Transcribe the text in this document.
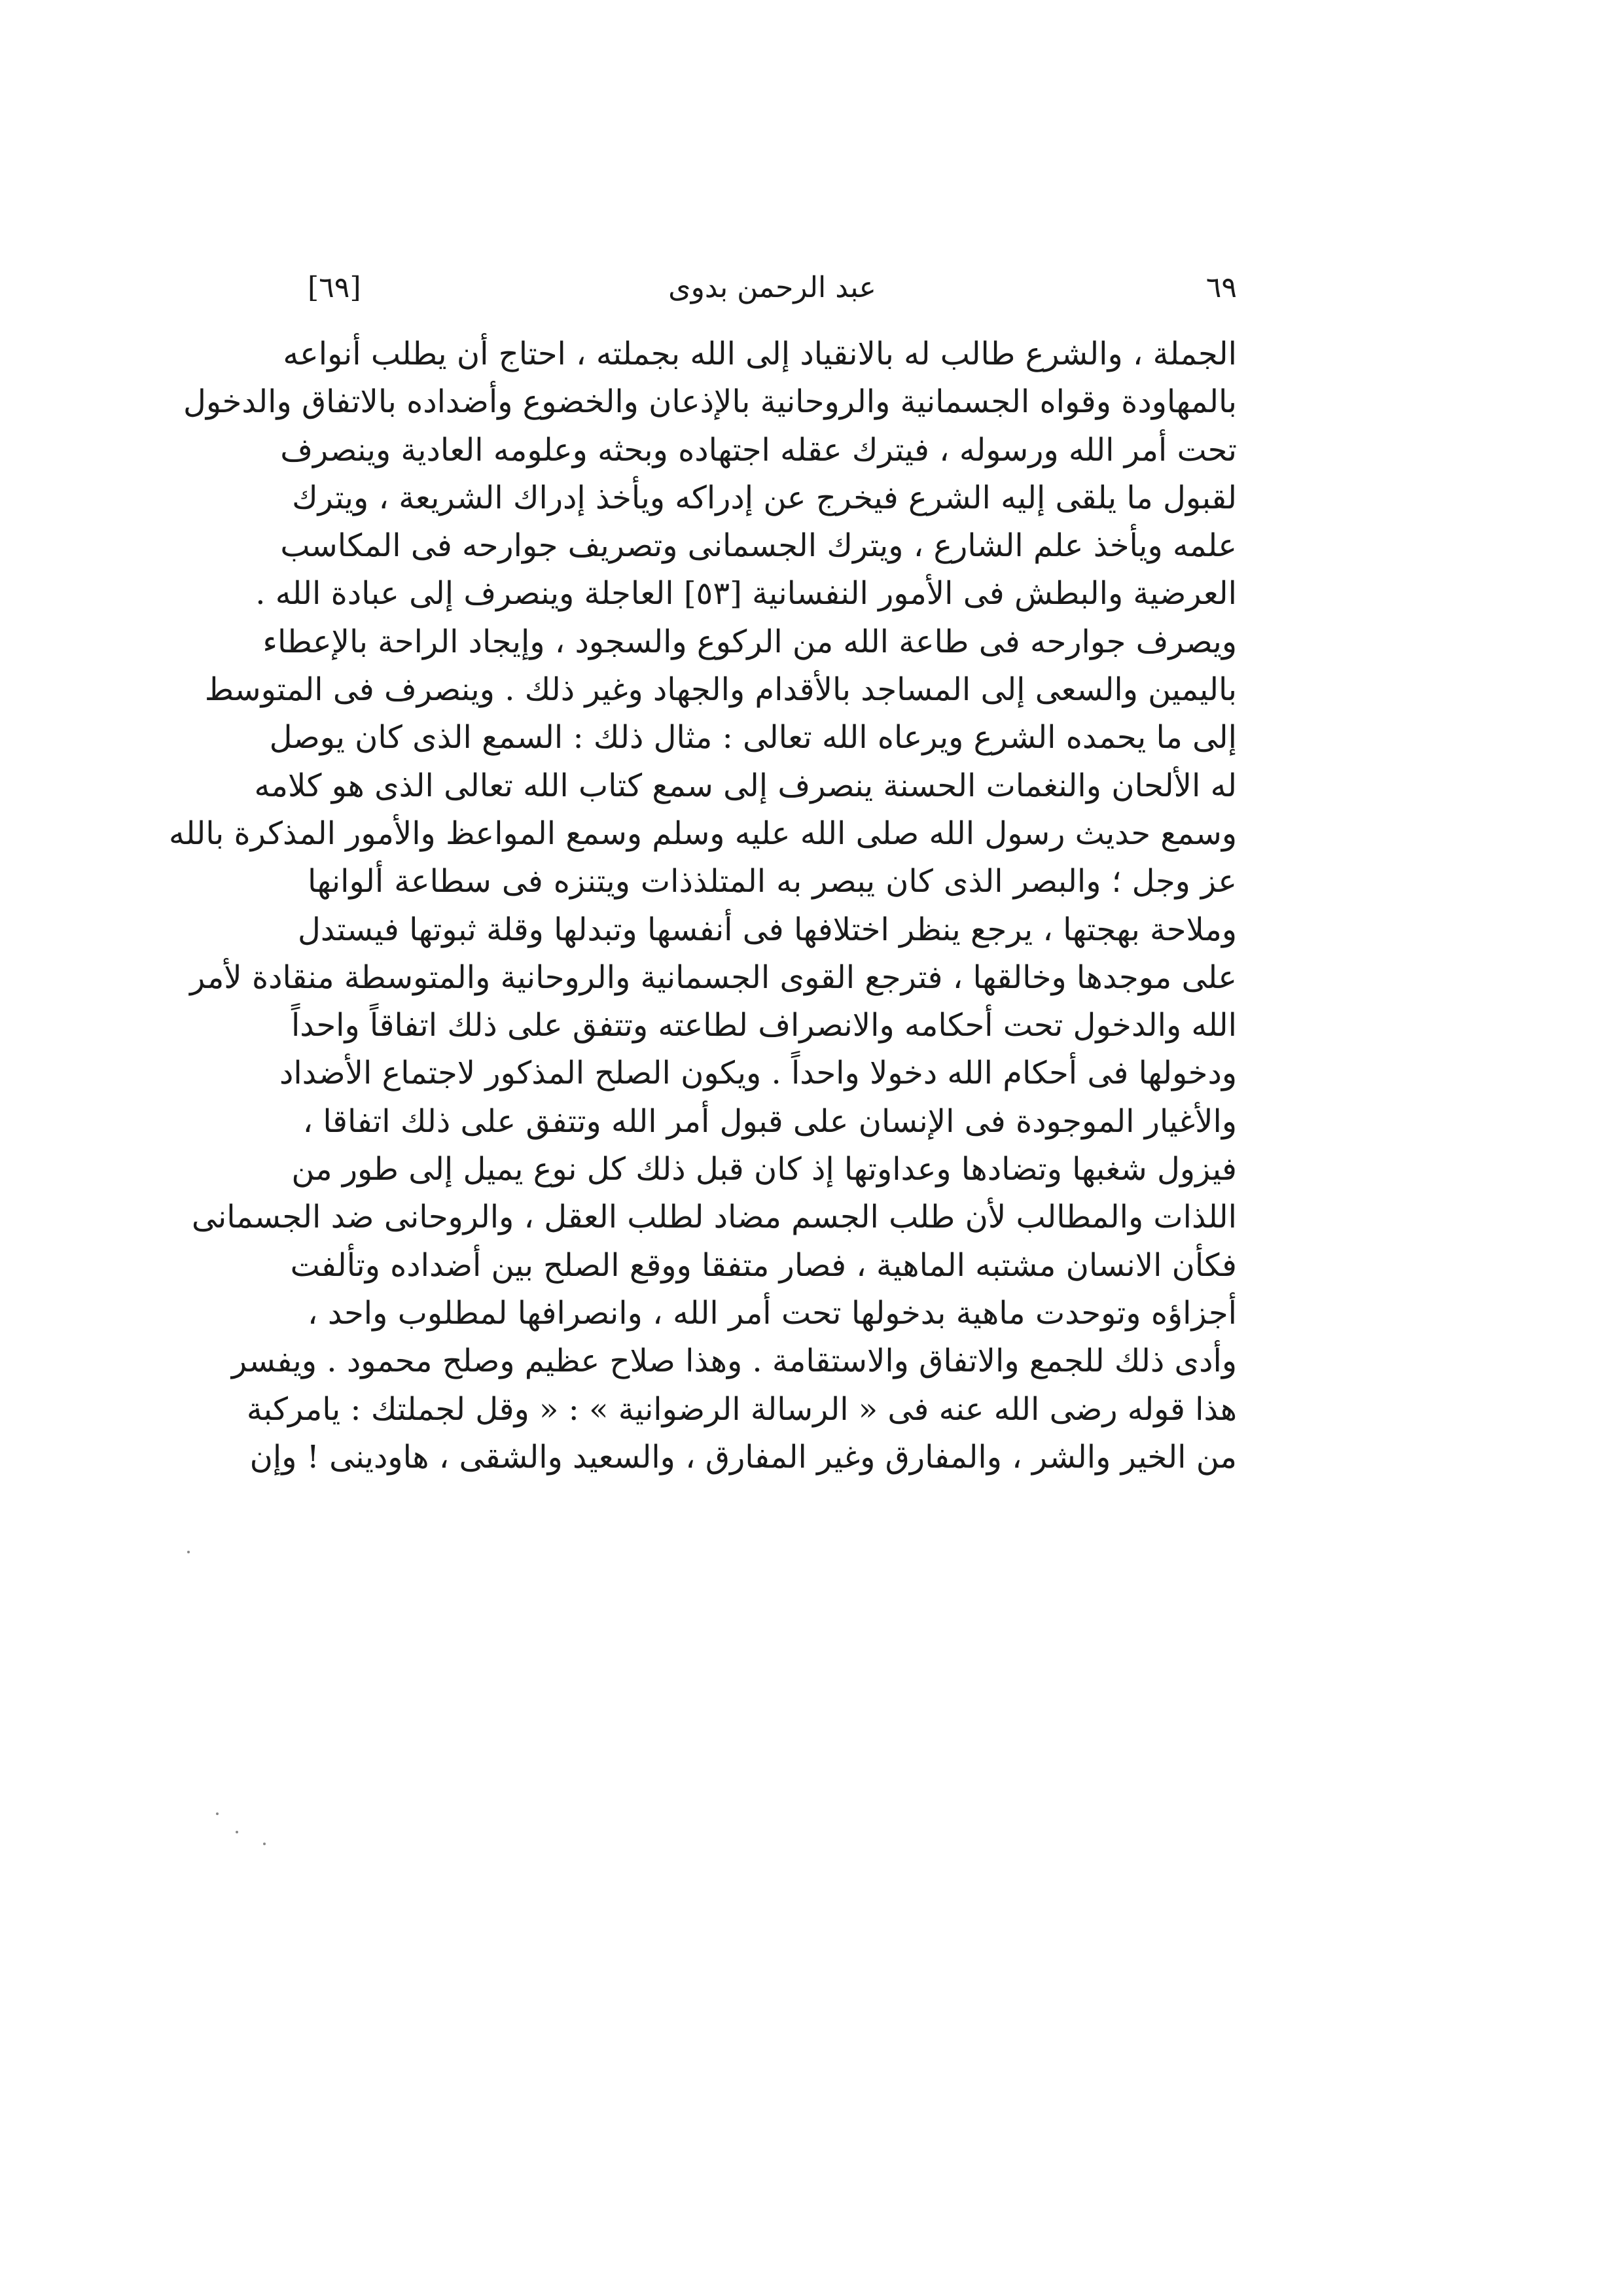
[٦٩]	عبد الرحمن بدوى	٦٩
الجملة ، والشرع طالب له بالانقياد إلى الله بجملته ، احتاج أن يطلب أنواعه
بالمهاودة وقواه الجسمانية والروحانية بالإذعان والخضوع وأضداده بالاتفاق والدخول
تحت أمر الله ورسوله ، فيترك عقله اجتهاده وبحثه وعلومه العادية وينصرف
لقبول ما يلقى إليه الشرع فيخرج عن إدراكه ويأخذ إدراك الشريعة ، ويترك
علمه ويأخذ علم الشارع ، ويترك الجسمانى وتصريف جوارحه فى المكاسب
العرضية والبطش فى الأمور النفسانية [٥٣] العاجلة وينصرف إلى عبادة الله .
ويصرف جوارحه فى طاعة الله من الركوع والسجود ، وإيجاد الراحة بالإعطاء
باليمين والسعى إلى المساجد بالأقدام والجهاد وغير ذلك . وينصرف فى المتوسط
إلى ما يحمده الشرع ويرعاه الله تعالى : مثال ذلك : السمع الذى كان يوصل
له الألحان والنغمات الحسنة ينصرف إلى سمع كتاب الله تعالى الذى هو كلامه
وسمع حديث رسول الله صلى الله عليه وسلم وسمع المواعظ والأمور المذكرة بالله
عز وجل ؛ والبصر الذى كان يبصر به المتلذذات ويتنزه فى سطاعة ألوانها
وملاحة بهجتها ، يرجع ينظر اختلافها فى أنفسها وتبدلها وقلة ثبوتها فيستدل
على موجدها وخالقها ، فترجع القوى الجسمانية والروحانية والمتوسطة منقادة لأمر
الله والدخول تحت أحكامه والانصراف لطاعته وتتفق على ذلك اتفاقاً واحداً
ودخولها فى أحكام الله دخولا واحداً . ويكون الصلح المذكور لاجتماع الأضداد
والأغيار الموجودة فى الإنسان على قبول أمر الله وتتفق على ذلك اتفاقا ،
فيزول شغبها وتضادها وعداوتها إذ كان قبل ذلك كل نوع يميل إلى طور من
اللذات والمطالب لأن طلب الجسم مضاد لطلب العقل ، والروحانى ضد الجسمانى
فكأن الانسان مشتبه الماهية ، فصار متفقا ووقع الصلح بين أضداده وتألفت
أجزاؤه وتوحدت ماهية بدخولها تحت أمر الله ، وانصرافها لمطلوب واحد ،
وأدى ذلك للجمع والاتفاق والاستقامة . وهذا صلاح عظيم وصلح محمود . ويفسر
هذا قوله رضى الله عنه فى « الرسالة الرضوانية » : « وقل لجملتك : يامركبة
من الخير والشر ، والمفارق وغير المفارق ، والسعيد والشقى ، هاودينى ! وإن
